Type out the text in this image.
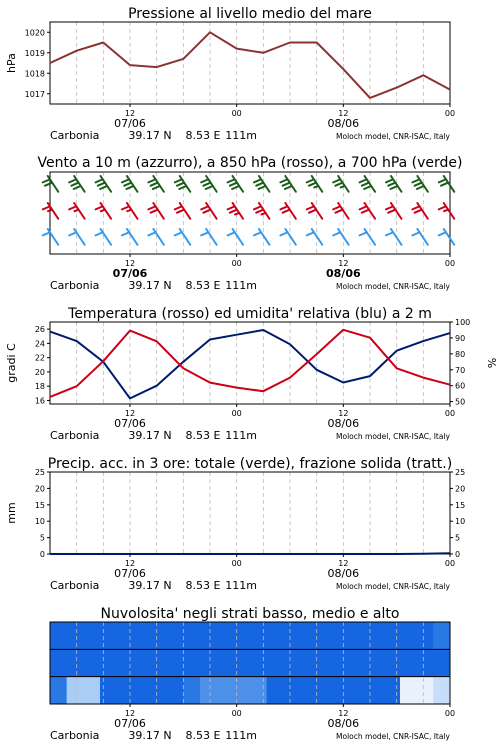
Pressione al livello medio del mare
1017
1018
1019
1020
hPa
12	00	12	00
07/06	08/06
Carbonia	39.17 N 8.53 E 111m	Moloch model, CNR-ISAC, Italy
Vento a 10 m (azzurro), a 850 hPa (rosso), a 700 hPa (verde)
12	00	12	00
07/06	08/06
Carbonia	39.17 N 8.53 E 111m	Moloch model, CNR-ISAC, Italy
Temperatura (rosso) ed umidita' relativa (blu) a 2 m
16
18
20
22
24
26
50
60
70
80
90
100
gradi C	%
12	00	12	00
07/06	08/06
Carbonia	39.17 N 8.53 E 111m	Moloch model, CNR-ISAC, Italy
Precip. acc. in 3 ore: totale (verde), frazione solida (tratt.)
0
5
10
15
20
25
0
5
10
15
20
25
mm
12	00	12	00
07/06	08/06
Carbonia	39.17 N 8.53 E 111m	Moloch model, CNR-ISAC, Italy
Nuvolosita' negli strati basso, medio e alto
12	00	12	00
07/06	08/06
Carbonia	39.17 N 8.53 E 111m	Moloch model, CNR-ISAC, Italy
